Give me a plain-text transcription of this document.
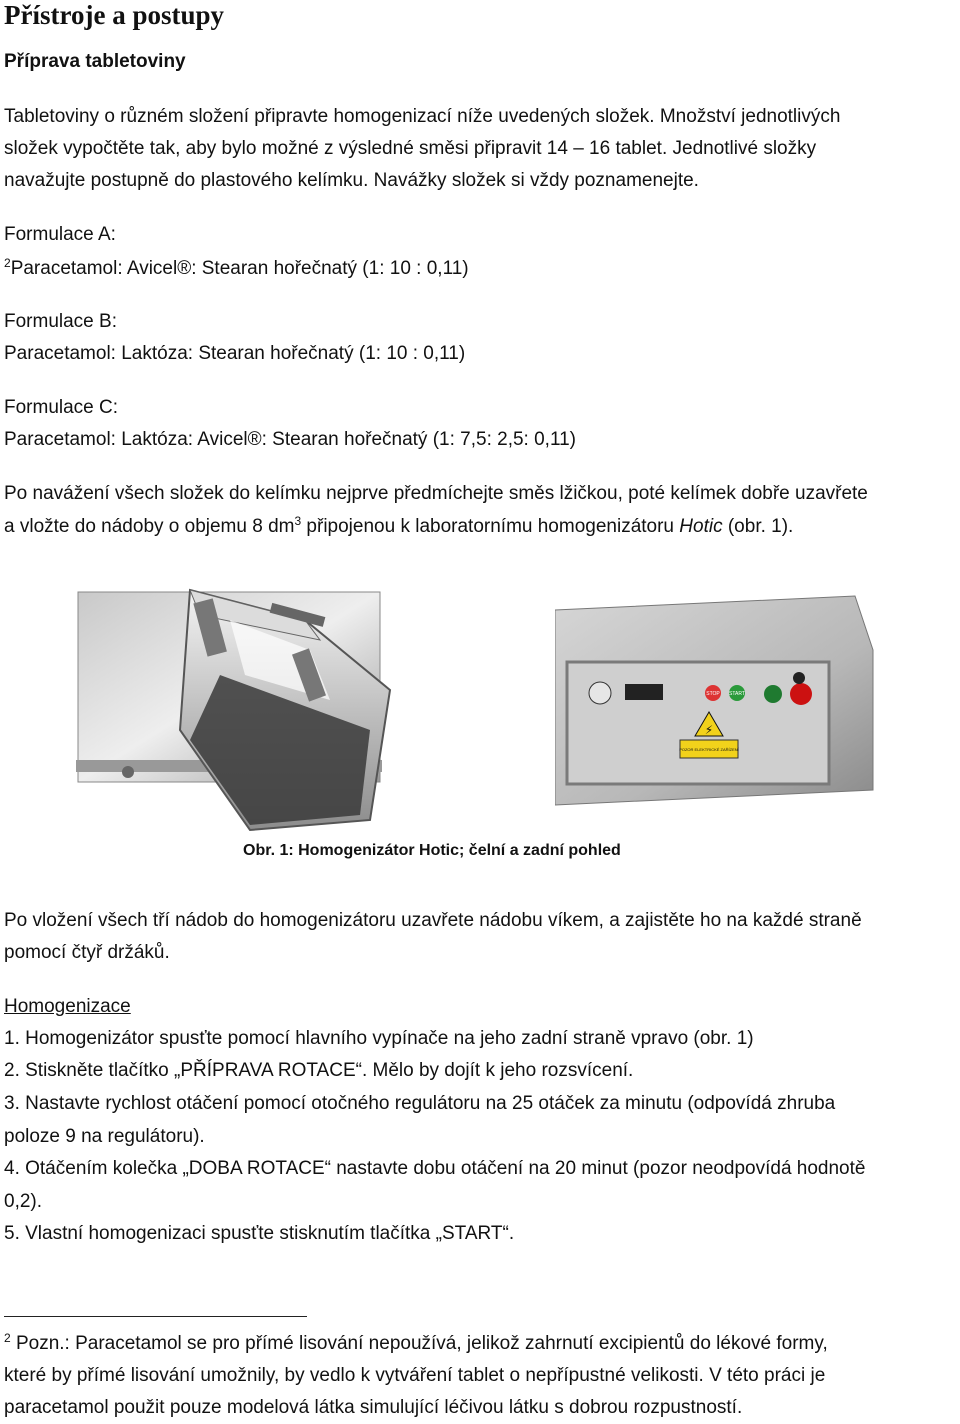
Přístroje a postupy
Příprava tabletoviny
Tabletoviny o různém složení připravte homogenizací níže uvedených složek. Množství jednotlivých
složek vypočtěte tak, aby bylo možné z výsledné směsi připravit 14 – 16 tablet. Jednotlivé složky
navažujte postupně do plastového kelímku. Navážky složek si vždy poznamenejte.
Formulace A:
$^2$Paracetamol: Avicel®: Stearan hořečnatý (1: 10 : 0,11)
Formulace B:
Paracetamol: Laktóza: Stearan hořečnatý (1: 10 : 0,11)
Formulace C:
Paracetamol: Laktóza: Avicel®: Stearan hořečnatý (1: 7,5: 2,5: 0,11)
Po navážení všech složek do kelímku nejprve předmíchejte směs lžičkou, poté kelímek dobře uzavřete
a vložte do nádoby o objemu 8 $dm^3$ připojenou k laboratornímu homogenizátoru Hotic (obr. 1).
STOP START
⚡
POZOR ELEKTRICKÉ ZAŘÍZENÍ
Obr. 1: Homogenizátor Hotic; čelní a zadní pohled
Po vložení všech tří nádob do homogenizátoru uzavřete nádobu víkem, a zajistěte ho na každé straně
pomocí čtyř držáků.
Homogenizace
1. Homogenizátor spusťte pomocí hlavního vypínače na jeho zadní straně vpravo (obr. 1)
2. Stiskněte tlačítko „PŘÍPRAVA ROTACE“. Mělo by dojít k jeho rozsvícení.
3. Nastavte rychlost otáčení pomocí otočného regulátoru na 25 otáček za minutu (odpovídá zhruba
poloze 9 na regulátoru).
4. Otáčením kolečka „DOBA ROTACE“ nastavte dobu otáčení na 20 minut (pozor neodpovídá hodnotě
0,2).
5. Vlastní homogenizaci spusťte stisknutím tlačítka „START“.
$^2$ Pozn.: Paracetamol se pro přímé lisování nepoužívá, jelikož zahrnutí excipientů do lékové formy,
které by přímé lisování umožnily, by vedlo k vytváření tablet o nepřípustné velikosti. V této práci je
paracetamol použit pouze modelová látka simulující léčivou látku s dobrou rozpustností.
